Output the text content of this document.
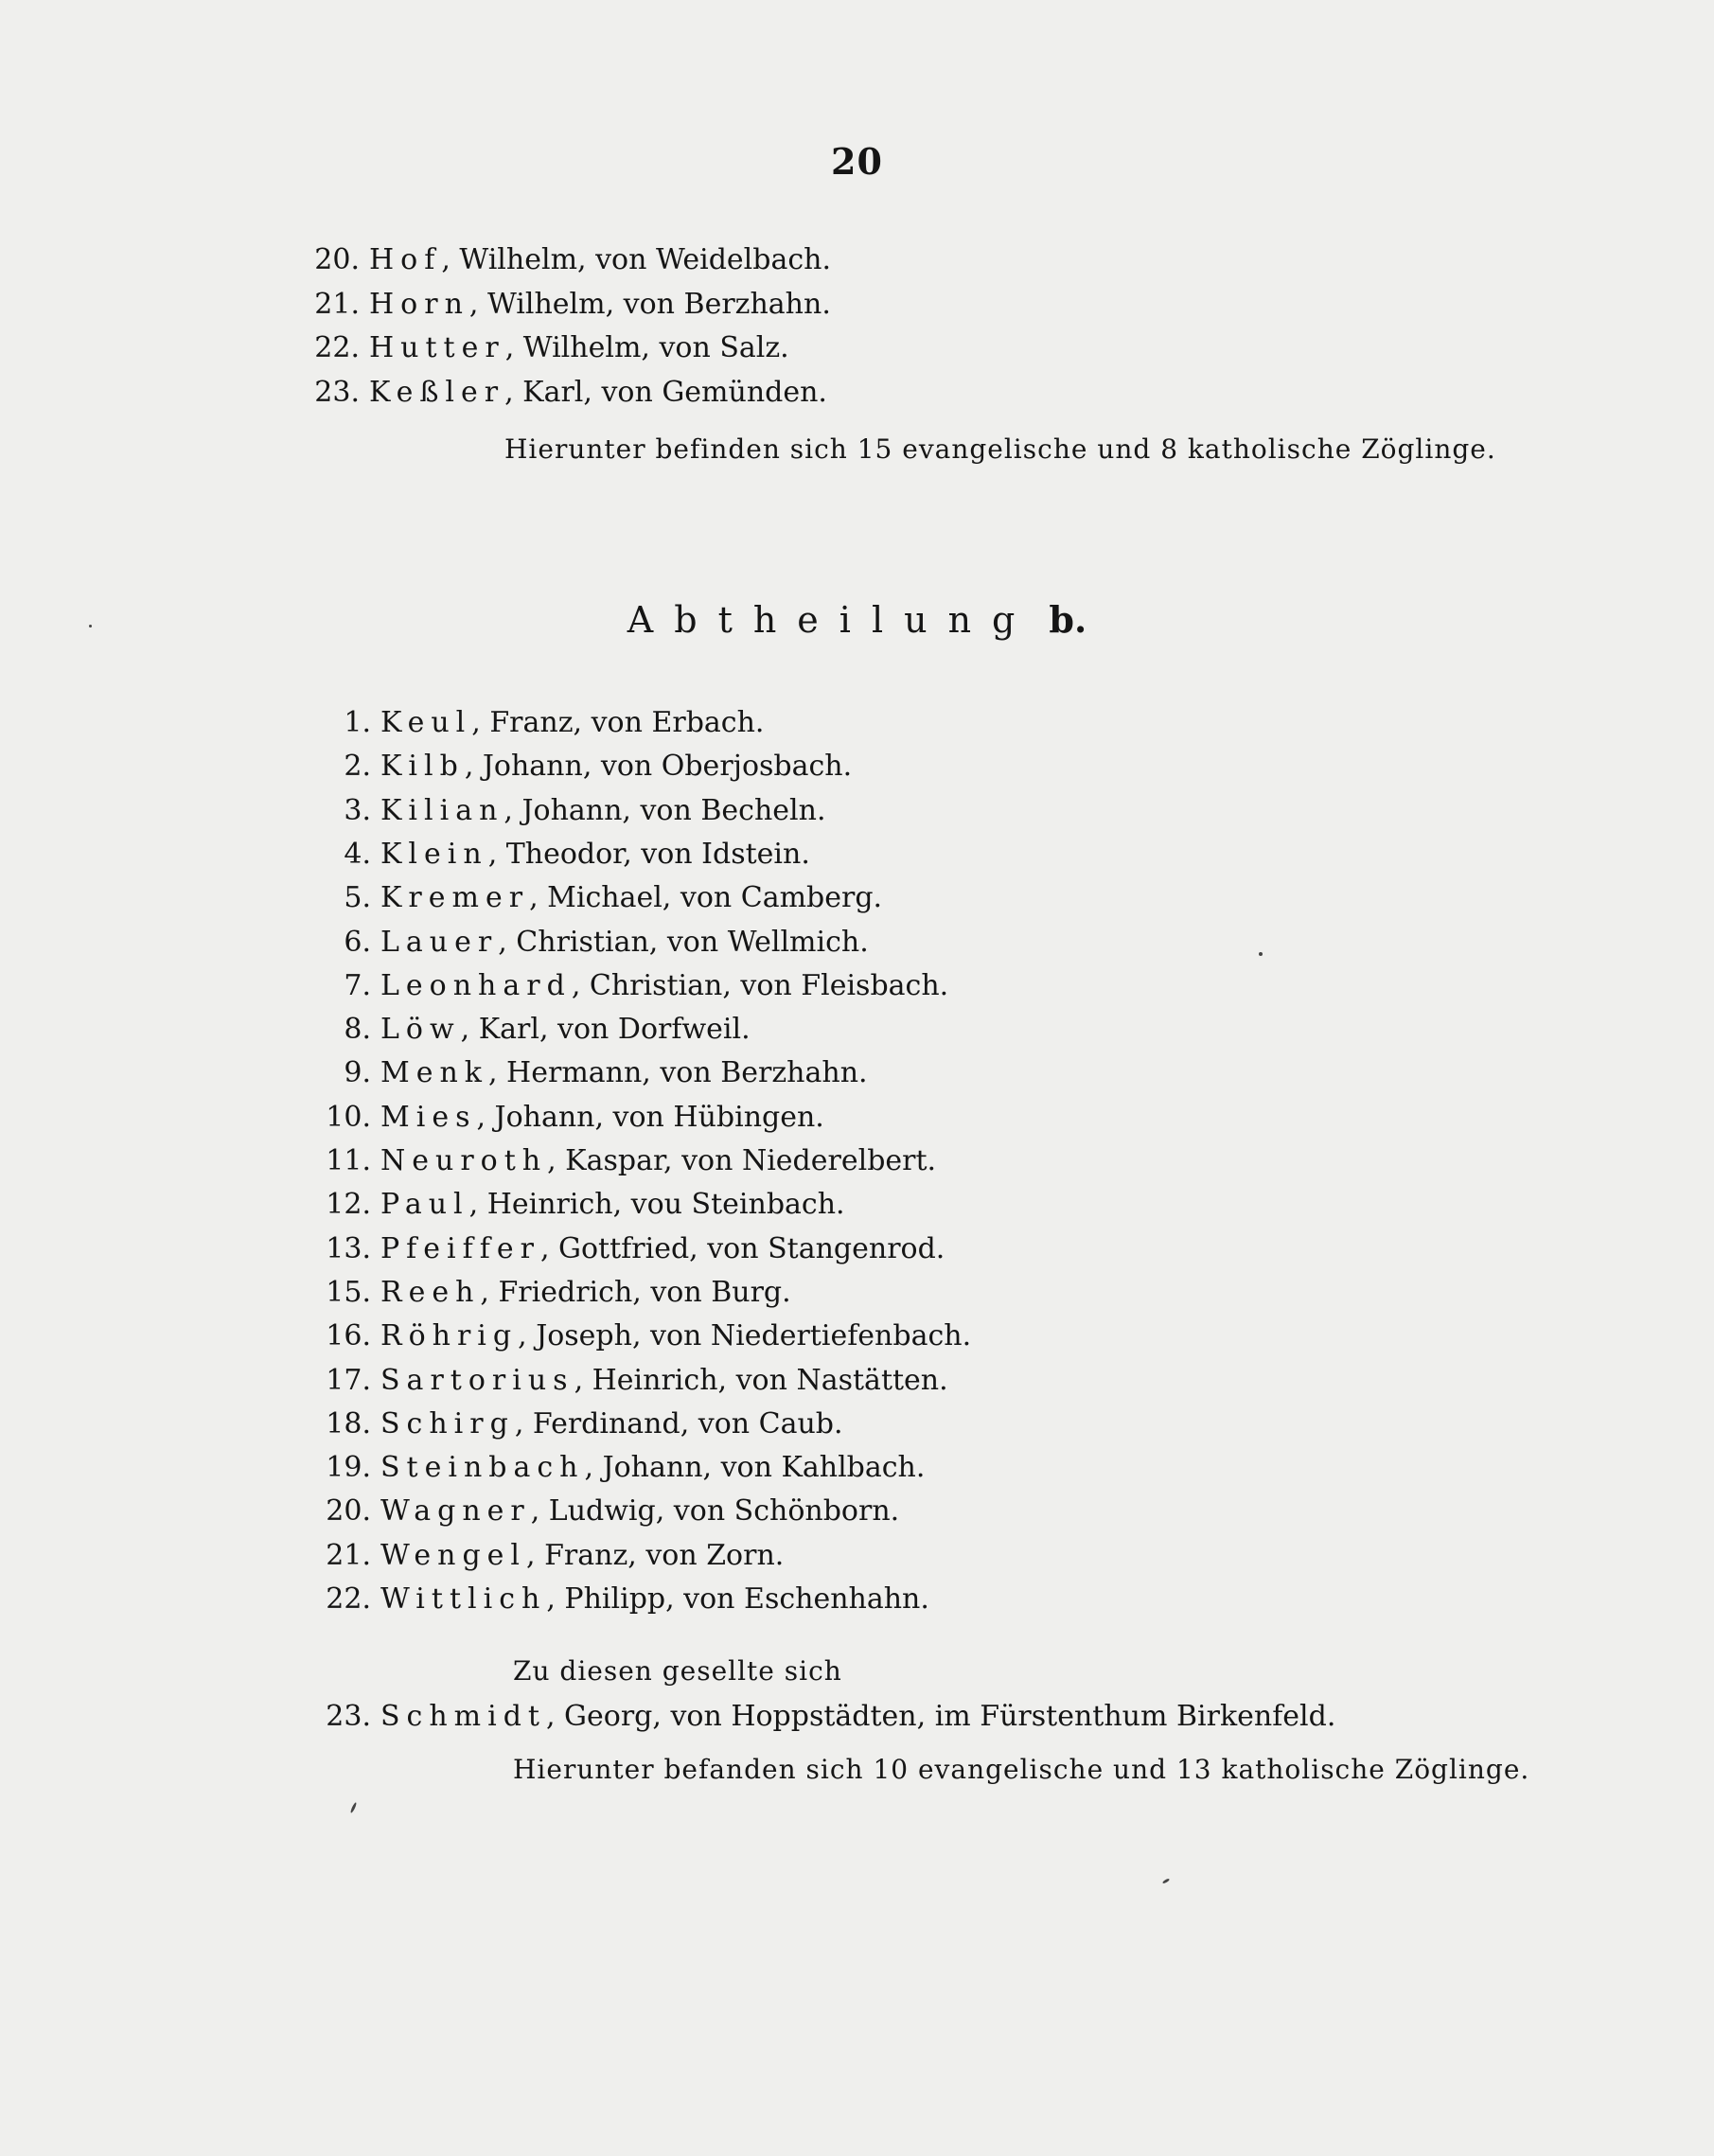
20
20. Hof, Wilhelm, von Weidelbach.
21. Horn, Wilhelm, von Berzhahn.
22. Hutter, Wilhelm, von Salz.
23. Keßler, Karl, von Gemünden.
Hierunter befinden sich 15 evangelische und 8 katholische Zöglinge.
Abtheilung b.
1. Keul, Franz, von Erbach.
2. Kilb, Johann, von Oberjosbach.
3. Kilian, Johann, von Becheln.
4. Klein, Theodor, von Idstein.
5. Kremer, Michael, von Camberg.
6. Lauer, Christian, von Wellmich.
7. Leonhard, Christian, von Fleisbach.
8. Löw, Karl, von Dorfweil.
9. Menk, Hermann, von Berzhahn.
10. Mies, Johann, von Hübingen.
11. Neuroth, Kaspar, von Niederelbert.
12. Paul, Heinrich, vou Steinbach.
13. Pfeiffer, Gottfried, von Stangenrod.
15. Reeh, Friedrich, von Burg.
16. Röhrig, Joseph, von Niedertiefenbach.
17. Sartorius, Heinrich, von Nastätten.
18. Schirg, Ferdinand, von Caub.
19. Steinbach, Johann, von Kahlbach.
20. Wagner, Ludwig, von Schönborn.
21. Wengel, Franz, von Zorn.
22. Wittlich, Philipp, von Eschenhahn.
Zu diesen gesellte sich
23. Schmidt, Georg, von Hoppstädten, im Fürstenthum Birkenfeld.
Hierunter befanden sich 10 evangelische und 13 katholische Zöglinge.
